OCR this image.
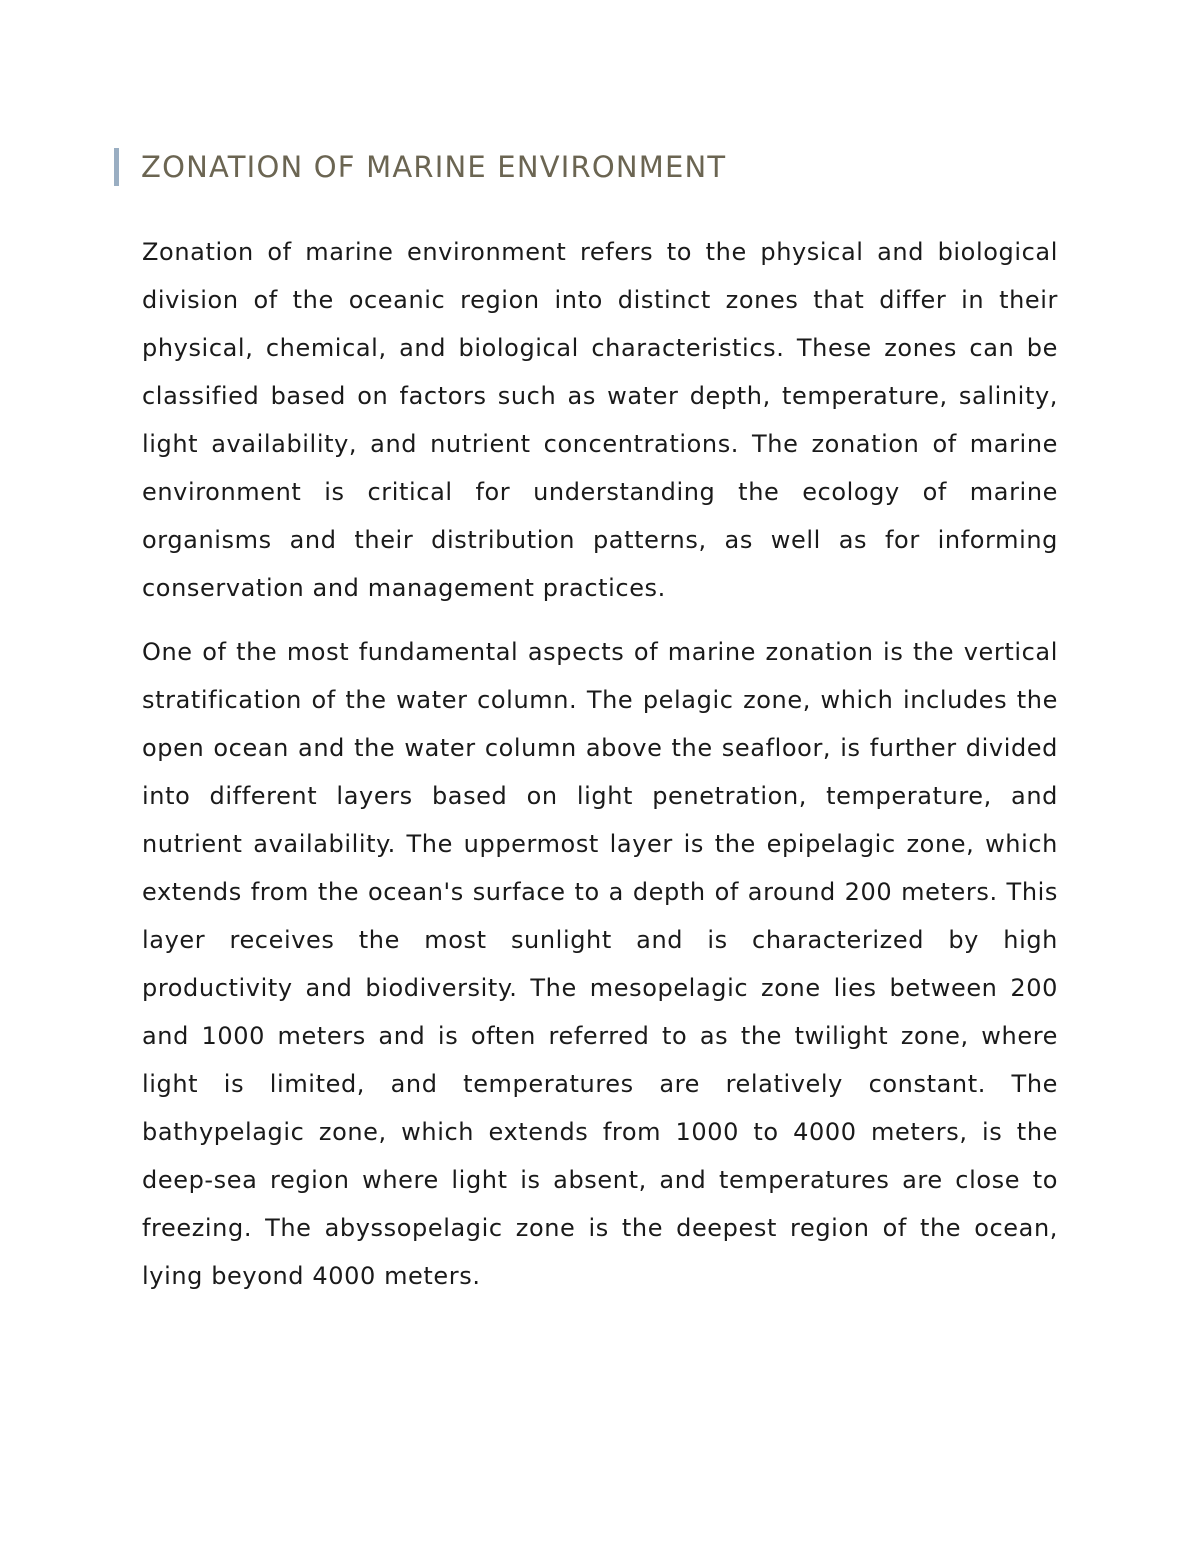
ZONATION OF MARINE ENVIRONMENT

Zonation of marine environment refers to the physical and biological division of the oceanic region into distinct zones that differ in their physical, chemical, and biological characteristics. These zones can be classified based on factors such as water depth, temperature, salinity, light availability, and nutrient concentrations. The zonation of marine environment is critical for understanding the ecology of marine organisms and their distribution patterns, as well as for informing conservation and management practices.

One of the most fundamental aspects of marine zonation is the vertical stratification of the water column. The pelagic zone, which includes the open ocean and the water column above the seafloor, is further divided into different layers based on light penetration, temperature, and nutrient availability. The uppermost layer is the epipelagic zone, which extends from the ocean's surface to a depth of around 200 meters. This layer receives the most sunlight and is characterized by high productivity and biodiversity. The mesopelagic zone lies between 200 and 1000 meters and is often referred to as the twilight zone, where light is limited, and temperatures are relatively constant. The bathypelagic zone, which extends from 1000 to 4000 meters, is the deep-sea region where light is absent, and temperatures are close to freezing. The abyssopelagic zone is the deepest region of the ocean, lying beyond 4000 meters.
